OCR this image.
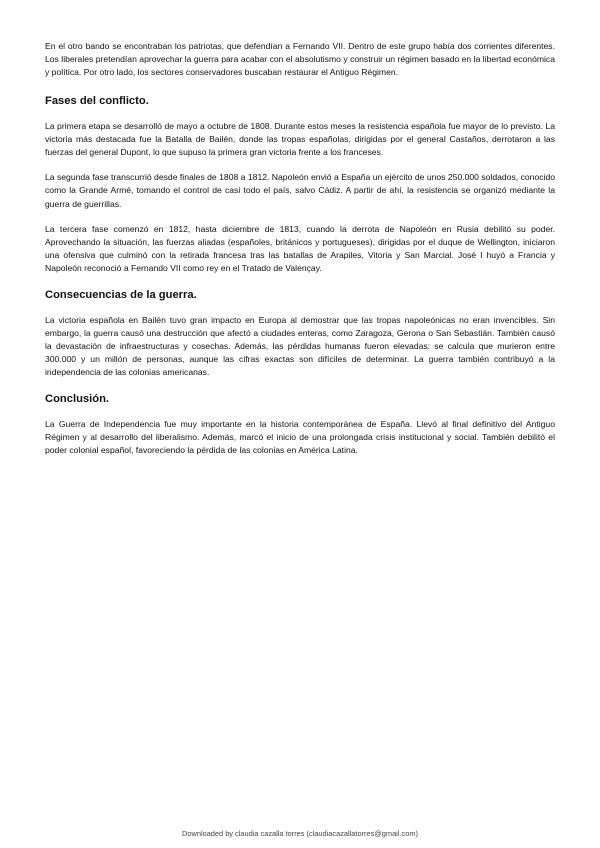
En el otro bando se encontraban los patriotas, que defendían a Fernando VII. Dentro de este grupo había dos corrientes diferentes. Los liberales pretendían aprovechar la guerra para acabar con el absolutismo y construir un régimen basado en la libertad económica y política. Por otro lado, los sectores conservadores buscaban restaurar el Antiguo Régimen.

Fases del conflicto.

La primera etapa se desarrolló de mayo a octubre de 1808. Durante estos meses la resistencia española fue mayor de lo previsto. La victoria más destacada fue la Batalla de Bailén, donde las tropas españolas, dirigidas por el general Castaños, derrotaron a las fuerzas del general Dupont, lo que supuso la primera gran victoria frente a los franceses.

La segunda fase transcurrió desde finales de 1808 a 1812. Napoleón envió a España un ejército de unos 250.000 soldados, conocido como la Grande Armé, tomando el control de casi todo el país, salvo Cádiz. A partir de ahí, la resistencia se organizó mediante la guerra de guerrillas.

La tercera fase comenzó en 1812, hasta diciembre de 1813, cuando la derrota de Napoleón en Rusia debilitó su poder. Aprovechando la situación, las fuerzas aliadas (españoles, británicos y portugueses), dirigidas por el duque de Wellington, iniciaron una ofensiva que culminó con la retirada francesa tras las batallas de Arapiles, Vitoria y San Marcial. José I huyó a Francia y Napoleón reconoció a Fernando VII como rey en el Tratado de Valençay.

Consecuencias de la guerra.

La victoria española en Bailén tuvo gran impacto en Europa al demostrar que las tropas napoleónicas no eran invencibles. Sin embargo, la guerra causó una destrucción que afectó a ciudades enteras, como Zaragoza, Gerona o San Sebastián. También causó la devastación de infraestructuras y cosechas. Además, las pérdidas humanas fueron elevadas: se calcula que murieron entre 300.000 y un millón de personas, aunque las cifras exactas son difíciles de determinar. La guerra también contribuyó a la independencia de las colonias americanas.

Conclusión.

La Guerra de Independencia fue muy importante en la historia contemporánea de España. Llevó al final definitivo del Antiguo Régimen y al desarrollo del liberalismo. Además, marcó el inicio de una prolongada crisis institucional y social. También debilitó el poder colonial español, favoreciendo la pérdida de las colonias en América Latina.

Downloaded by claudia cazalla torres (claudiacazallatorres@gmail.com)
